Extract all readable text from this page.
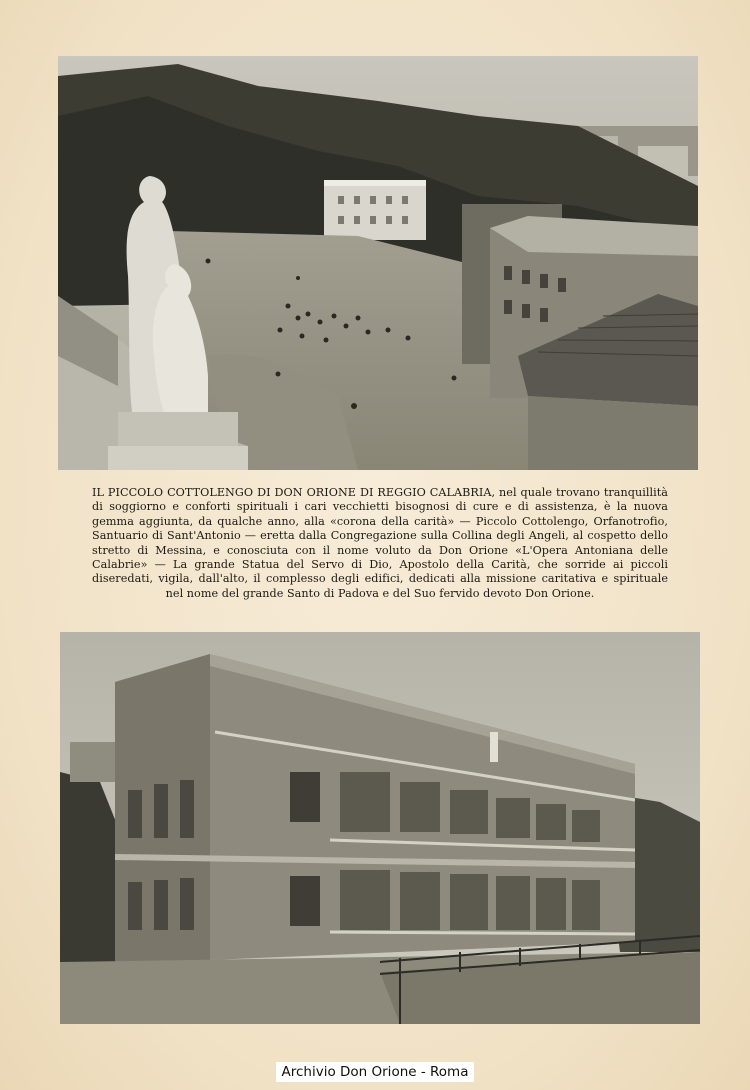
IL PICCOLO COTTOLENGO DI DON ORIONE DI REGGIO CALABRIA, nel quale trovano tranquillità di soggiorno e conforti spirituali i cari vecchietti bisognosi di cure e di assistenza, è la nuova gemma aggiunta, da qualche anno, alla «corona della carità» — Piccolo Cottolengo, Orfanotrofio, Santuario di Sant'Antonio — eretta dalla Congregazione sulla Collina degli Angeli, al cospetto dello stretto di Messina, e conosciuta con il nome voluto da Don Orione «L'Opera Antoniana delle Calabrie» — La grande Statua del Servo di Dio, Apostolo della Carità, che sorride ai piccoli diseredati, vigila, dall'alto, il complesso degli edifici, dedicati alla missione caritativa e spirituale nel nome del grande Santo di Padova e del Suo fervido devoto Don Orione.
Archivio Don Orione - Roma
